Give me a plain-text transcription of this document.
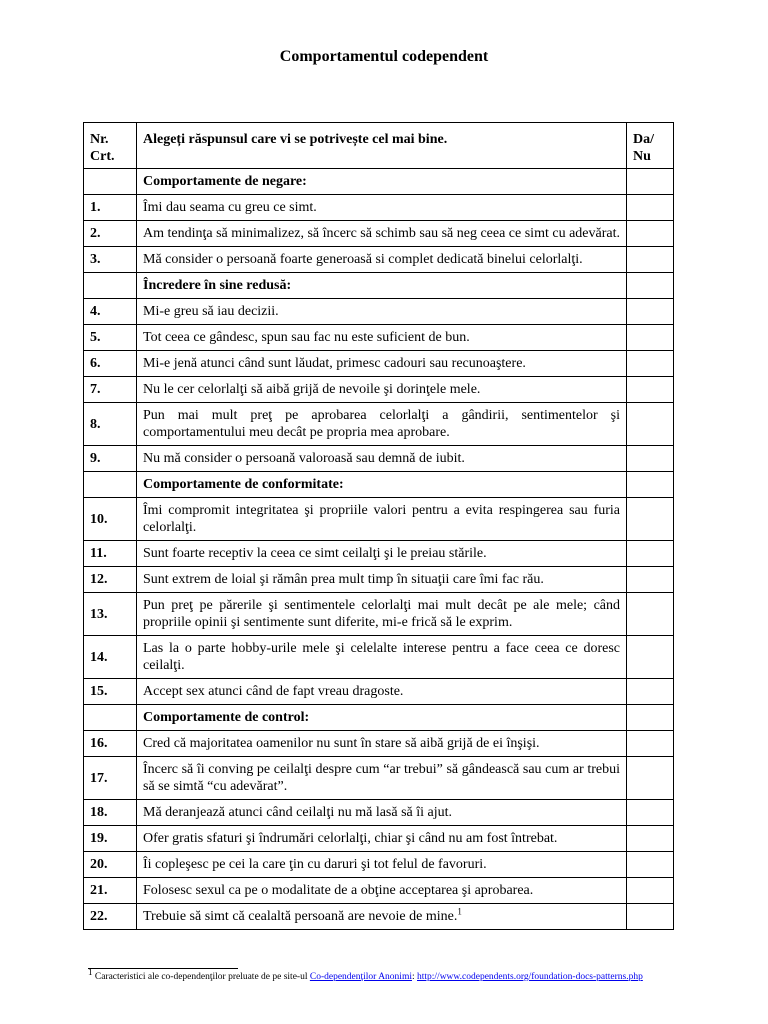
Comportamentul codependent
Nr. Crt.	Alegeți răspunsul care vi se potrivește cel mai bine.	Da/ Nu
	Comportamente de negare:	
1.	Îmi dau seama cu greu ce simt.	
2.	Am tendinţa să minimalizez, să încerc să schimb sau să neg ceea ce simt cu adevărat.	
3.	Mă consider o persoană foarte generoasă si complet dedicată binelui celorlalţi.	
	Încredere în sine redusă:	
4.	Mi-e greu să iau decizii.	
5.	Tot ceea ce gândesc, spun sau fac nu este suficient de bun.	
6.	Mi-e jenă atunci când sunt lăudat, primesc cadouri sau recunoaştere.	
7.	Nu le cer celorlalţi să aibă grijă de nevoile şi dorinţele mele.	
8.	Pun mai mult preţ pe aprobarea celorlalţi a gândirii, sentimentelor şi comportamentului meu decât pe propria mea aprobare.	
9.	Nu mă consider o persoană valoroasă sau demnă de iubit.	
	Comportamente de conformitate:	
10.	Îmi compromit integritatea şi propriile valori pentru a evita respingerea sau furia celorlalţi.	
11.	Sunt foarte receptiv la ceea ce simt ceilalţi şi le preiau stările.	
12.	Sunt extrem de loial şi rămân prea mult timp în situaţii care îmi fac rău.	
13.	Pun preţ pe părerile şi sentimentele celorlalţi mai mult decât pe ale mele; când propriile opinii şi sentimente sunt diferite, mi-e frică să le exprim.	
14.	Las la o parte hobby-urile mele şi celelalte interese pentru a face ceea ce doresc ceilalţi.	
15.	Accept sex atunci când de fapt vreau dragoste.	
	Comportamente de control:	
16.	Cred că majoritatea oamenilor nu sunt în stare să aibă grijă de ei înşişi.	
17.	Încerc să îi conving pe ceilalţi despre cum “ar trebui” să gândească sau cum ar trebui să se simtă “cu adevărat”.	
18.	Mă deranjează atunci când ceilalţi nu mă lasă să îi ajut.	
19.	Ofer gratis sfaturi şi îndrumări celorlalţi, chiar şi când nu am fost întrebat.	
20.	Îi copleşesc pe cei la care ţin cu daruri şi tot felul de favoruri.	
21.	Folosesc sexul ca pe o modalitate de a obţine acceptarea şi aprobarea.	
22.	Trebuie să simt că cealaltă persoană are nevoie de mine.$^1$	
$^1$ Caracteristici ale co-dependenţilor preluate de pe site-ul Co-dependenţilor Anonimi: http://www.codependents.org/foundation-docs-patterns.php
